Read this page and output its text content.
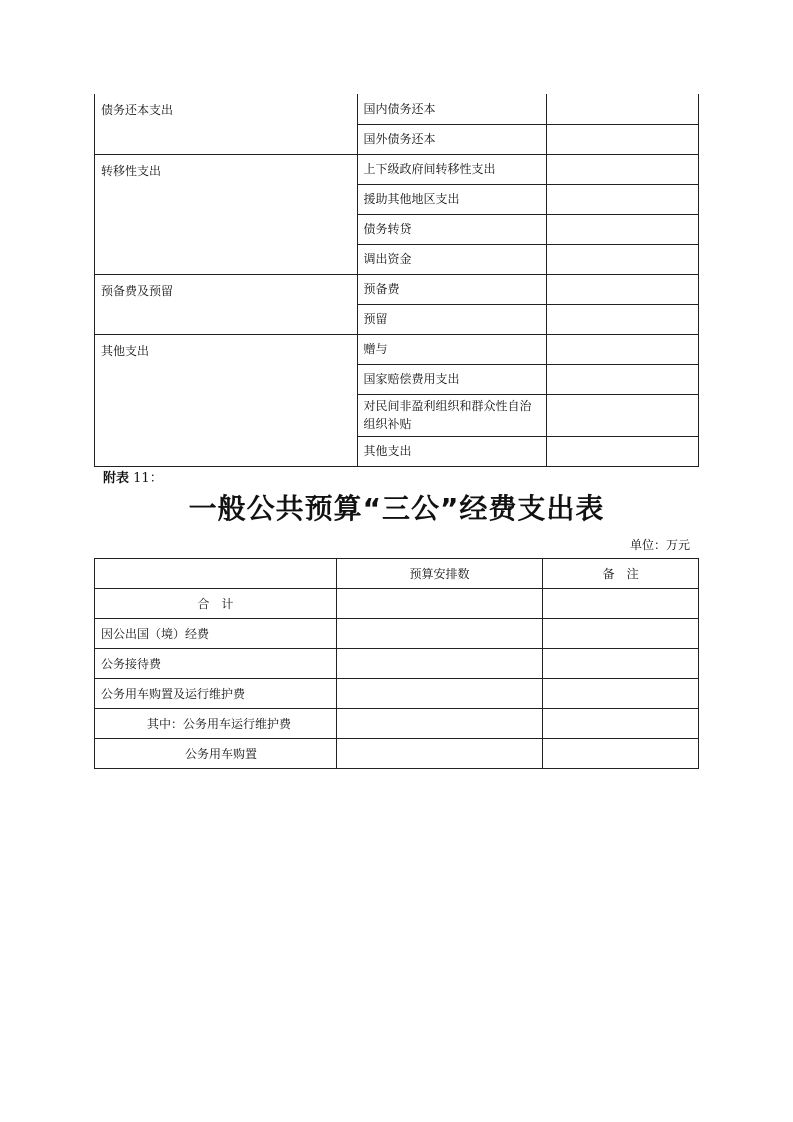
债务还本支出	国内债务还本	
	国外债务还本	
转移性支出	上下级政府间转移性支出	
	援助其他地区支出	
	债务转贷	
	调出资金	
预备费及预留	预备费	
	预留	
其他支出	赠与	
	国家赔偿费用支出	
	对民间非盈利组织和群众性自治组织补贴	
	其他支出	
附表 11：
一般公共预算“三公”经费支出表
单位：万元
	预算安排数	备　注
合　计		
因公出国（境）经费		
公务接待费		
公务用车购置及运行维护费		
其中：公务用车运行维护费		
公务用车购置		
